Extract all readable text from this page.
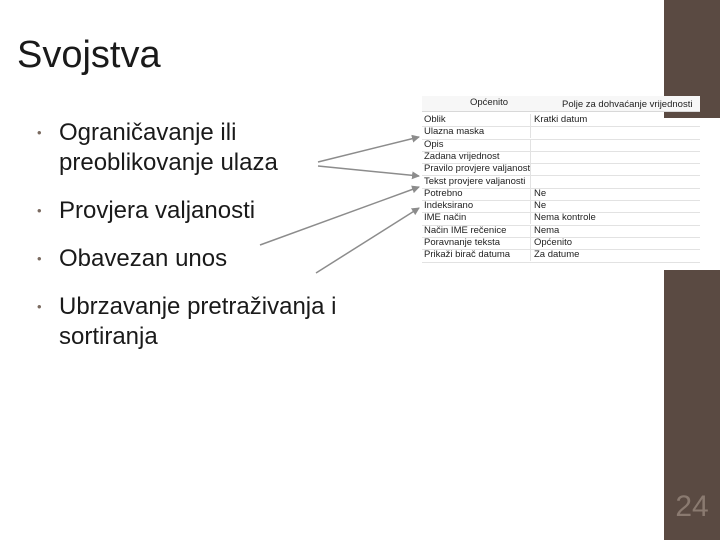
24
Svojstva
• Ograničavanje ili
preoblikovanje ulaza
• Provjera valjanosti
• Obavezan unos
• Ubrzavanje pretraživanja i
sortiranja
Općenito	Polje za dohvaćanje vrijednosti
Oblik	Kratki datum
Ulazna maska
Opis
Zadana vrijednost
Pravilo provjere valjanost
Tekst provjere valjanosti
Potrebno	Ne
Indeksirano	Ne
IME način	Nema kontrole
Način IME rečenice	Nema
Poravnanje teksta	Općenito
Prikaži birač datuma	Za datume
